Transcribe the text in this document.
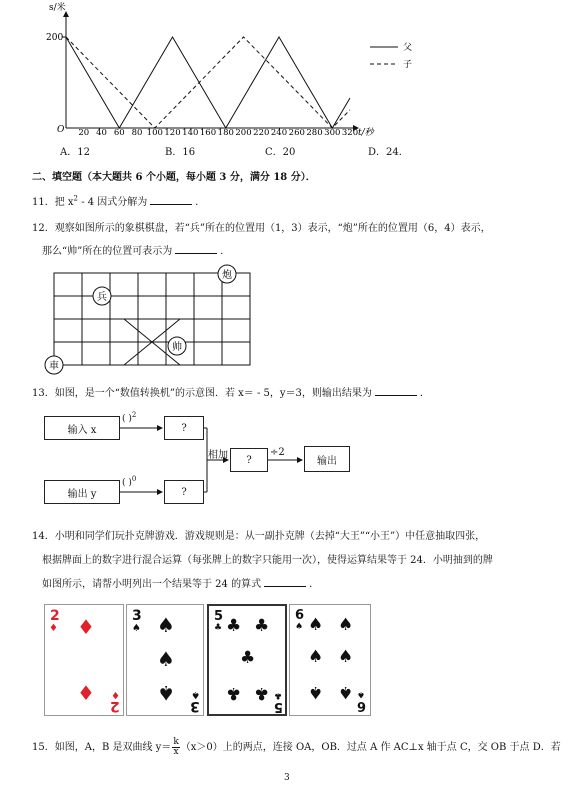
20 40 60 80 100 120 140 160 180 200 220 240 260 280 300 320
s/米
200
O	t/秒
父
子
A．12	B．16	C．20	D．24．
二、填空题（本大题共 6 个小题，每小题 3 分，满分 18 分）．
11．把 $x^2 - 4$ 因式分解为	．
12．观察如图所示的象棋棋盘，若“兵”所在的位置用（1，3）表示，“炮”所在的位置用（6，4）表示，
那么“帅”所在的位置可表示为	．
兵
炮
帅
車
13．如图，是一个“数值转换机”的示意图．若 x＝ - 5，y＝3，则输出结果为	．
输入 x
输出 y
?
?
?	输出
( )$^2$
( )$^0$
相加	÷2
14．小明和同学们玩扑克牌游戏．游戏规则是：从一副扑克牌（去掉“大王”“小王”）中任意抽取四张，
根据牌面上的数字进行混合运算（每张牌上的数字只能用一次），使得运算结果等于 24．小明抽到的牌
如图所示，请帮小明列出一个结果等于 24 的算式	．
2
♦ ♦
♦ ♦
2
3
♠ ♠
♠
♠ ♠
3
5
♣ ♣ ♣
♣
♣ ♣ ♣
5
6
♠ ♠ ♠
♠ ♠
♠ ♠ ♠
6
15．如图，A，B 是双曲线 $y= \frac{k}{x} (x>0)$上的两点，连接 OA，OB．过点 A 作 AC⊥x 轴于点 C，交 OB 于点 D．若
3
